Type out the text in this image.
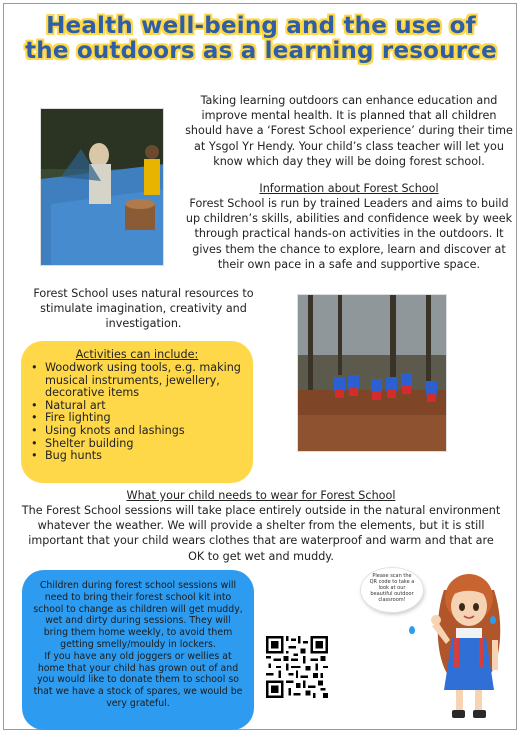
Health well-being and the use of
the outdoors as a learning resource
Taking learning outdoors can enhance education and
improve mental health. It is planned that all children
should have a ‘Forest School experience’ during their time
at Ysgol Yr Hendy. Your child’s class teacher will let you
know which day they will be doing forest school.
Information about Forest School
Forest School is run by trained Leaders and aims to build
up children’s skills, abilities and confidence week by week
through practical hands-on activities in the outdoors. It
gives them the chance to explore, learn and discover at
their own pace in a safe and supportive space.
Forest School uses natural resources to
stimulate imagination, creativity and
investigation.
Activities can include:
• Woodwork using tools, e.g. making musical instruments, jewellery, decorative items
• Natural art
• Fire lighting
• Using knots and lashings
• Shelter building
• Bug hunts
What your child needs to wear for Forest School
The Forest School sessions will take place entirely outside in the natural environment
whatever the weather. We will provide a shelter from the elements, but it is still
important that your child wears clothes that are waterproof and warm and that are
OK to get wet and muddy.

Children during forest school sessions will
need to bring their forest school kit into
school to change as children will get muddy,
wet and dirty during sessions. They will
bring them home weekly, to avoid them
getting smelly/mouldy in lockers.
If you have any old joggers or wellies at
home that your child has grown out of and
you would like to donate them to school so
that we have a stock of spares, we would be
very grateful.

Please scan the
QR code to take a
look at our
beautiful outdoor
classroom!
